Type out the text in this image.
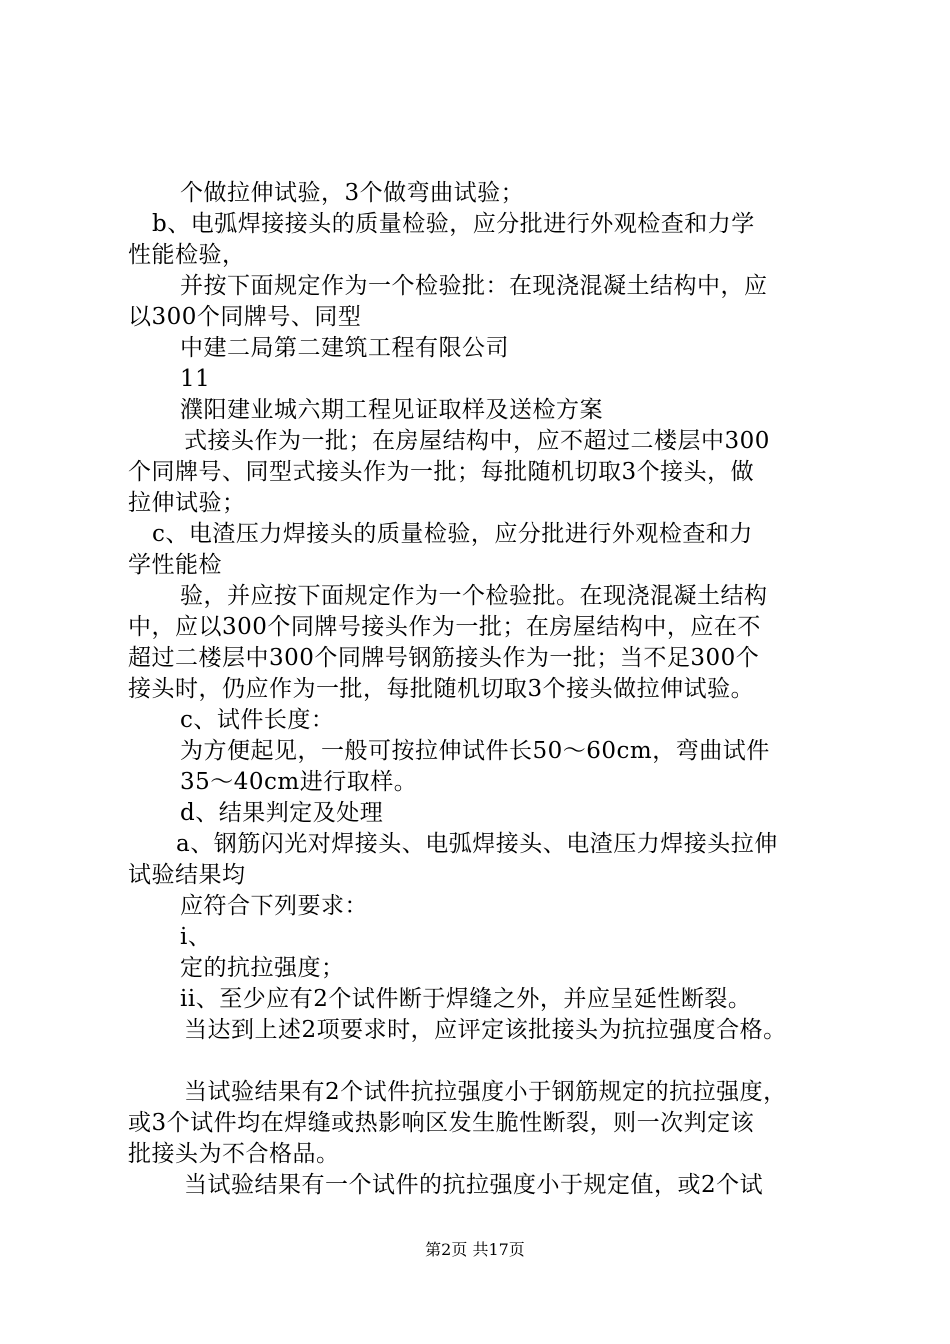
个做拉伸试验，3个做弯曲试验；
b、电弧焊接接头的质量检验，应分批进行外观检查和力学
性能检验，
并按下面规定作为一个检验批：在现浇混凝土结构中，应
以300个同牌号、同型
中建二局第二建筑工程有限公司
11
濮阳建业城六期工程见证取样及送检方案
式接头作为一批；在房屋结构中，应不超过二楼层中300
个同牌号、同型式接头作为一批；每批随机切取3个接头，做
拉伸试验；
c、电渣压力焊接头的质量检验，应分批进行外观检查和力
学性能检
验，并应按下面规定作为一个检验批。在现浇混凝土结构
中，应以300个同牌号接头作为一批；在房屋结构中，应在不
超过二楼层中300个同牌号钢筋接头作为一批；当不足300个
接头时，仍应作为一批，每批随机切取3个接头做拉伸试验。
c、试件长度：
为方便起见，一般可按拉伸试件长50～60cm，弯曲试件
35～40cm进行取样。
d、结果判定及处理
a、钢筋闪光对焊接头、电弧焊接头、电渣压力焊接头拉伸
试验结果均
应符合下列要求：
i、
定的抗拉强度；
ii、至少应有2个试件断于焊缝之外，并应呈延性断裂。
当达到上述2项要求时，应评定该批接头为抗拉强度合格。
当试验结果有2个试件抗拉强度小于钢筋规定的抗拉强度，
或3个试件均在焊缝或热影响区发生脆性断裂，则一次判定该
批接头为不合格品。
当试验结果有一个试件的抗拉强度小于规定值，或2个试
第2页 共17页
